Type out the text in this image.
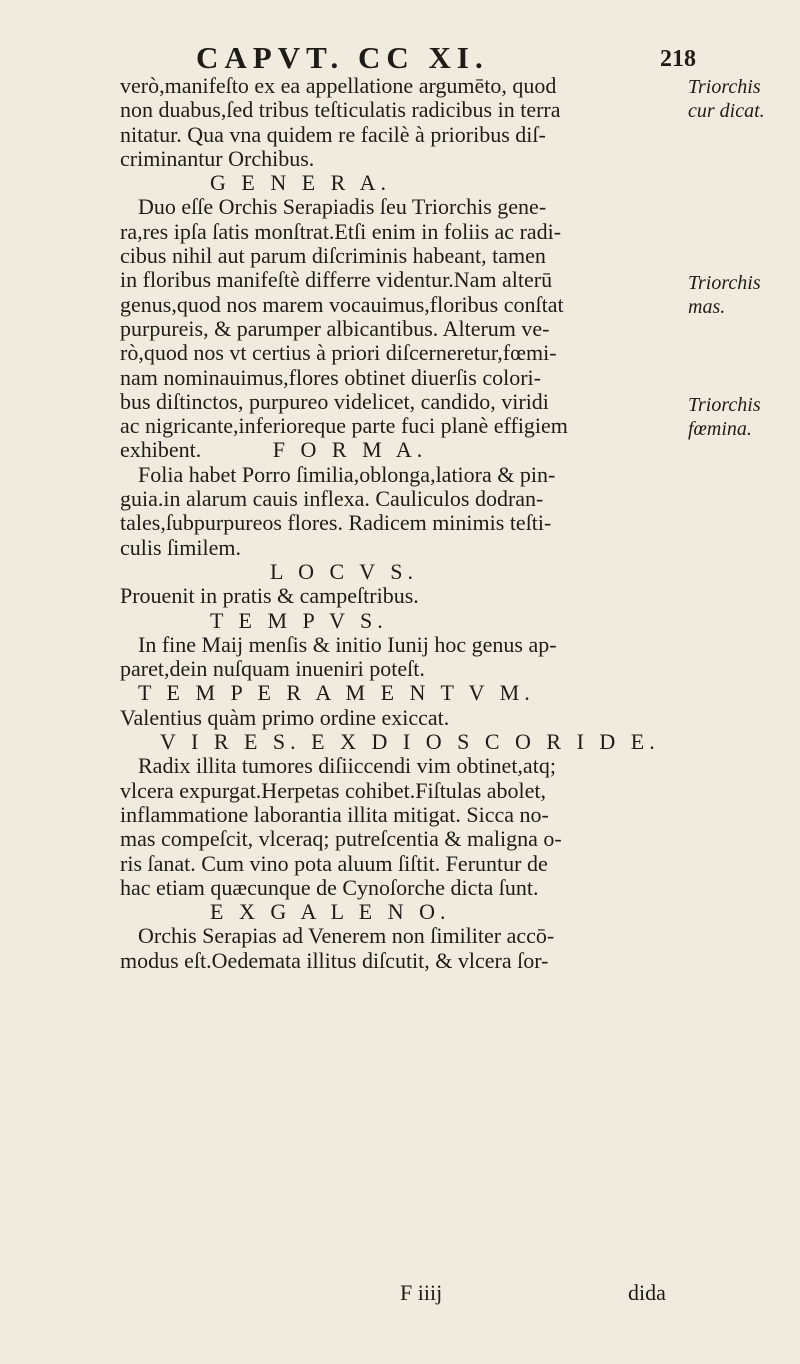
CAPVT. CC XI.	218
verò,manifeſto ex ea appellatione argumēto, quod
non duabus,ſed tribus teſticulatis radicibus in terra
nitatur. Qua vna quidem re facilè à prioribus diſ-
criminantur Orchibus.
G E N E R A.
Duo eſſe Orchis Serapiadis ſeu Triorchis gene-
ra,res ipſa ſatis monſtrat.Etſi enim in foliis ac radi-
cibus nihil aut parum diſcriminis habeant, tamen
in floribus manifeſtè differre videntur.Nam alterū
genus,quod nos marem vocauimus,floribus conſtat
purpureis, & parumper albicantibus. Alterum ve-
rò,quod nos vt certius à priori diſcerneretur,fœmi-
nam nominauimus,flores obtinet diuerſis colori-
bus diſtinctos, purpureo videlicet, candido, viridi
ac nigricante,inferioreque parte fuci planè effigiem
exhibent.	F O R M A.
Folia habet Porro ſimilia,oblonga,latiora & pin-
guia.in alarum cauis inflexa. Cauliculos dodran-
tales,ſubpurpureos flores. Radicem minimis teſti-
culis ſimilem.
L O C V S.
Prouenit in pratis & campeſtribus.
T E M P V S.
In fine Maij menſis & initio Iunij hoc genus ap-
paret,dein nuſquam inueniri poteſt.
T E M P E R A M E N T V M.
Valentius quàm primo ordine exiccat.
V I R E S. E X D I O S C O R I D E.
Radix illita tumores diſiiccendi vim obtinet,atq;
vlcera expurgat.Herpetas cohibet.Fiſtulas abolet,
inflammatione laborantia illita mitigat. Sicca no-
mas compeſcit, vlceraq; putreſcentia & maligna o-
ris ſanat. Cum vino pota aluum ſiſtit. Feruntur de
hac etiam quæcunque de Cynoſorche dicta ſunt.
E X G A L E N O.
Orchis Serapias ad Venerem non ſimiliter accō-
modus eſt.Oedemata illitus diſcutit, & vlcera ſor-
Triorchis
cur dicat.
Triorchis
mas.
Triorchis
fœmina.
F iiij	dida
